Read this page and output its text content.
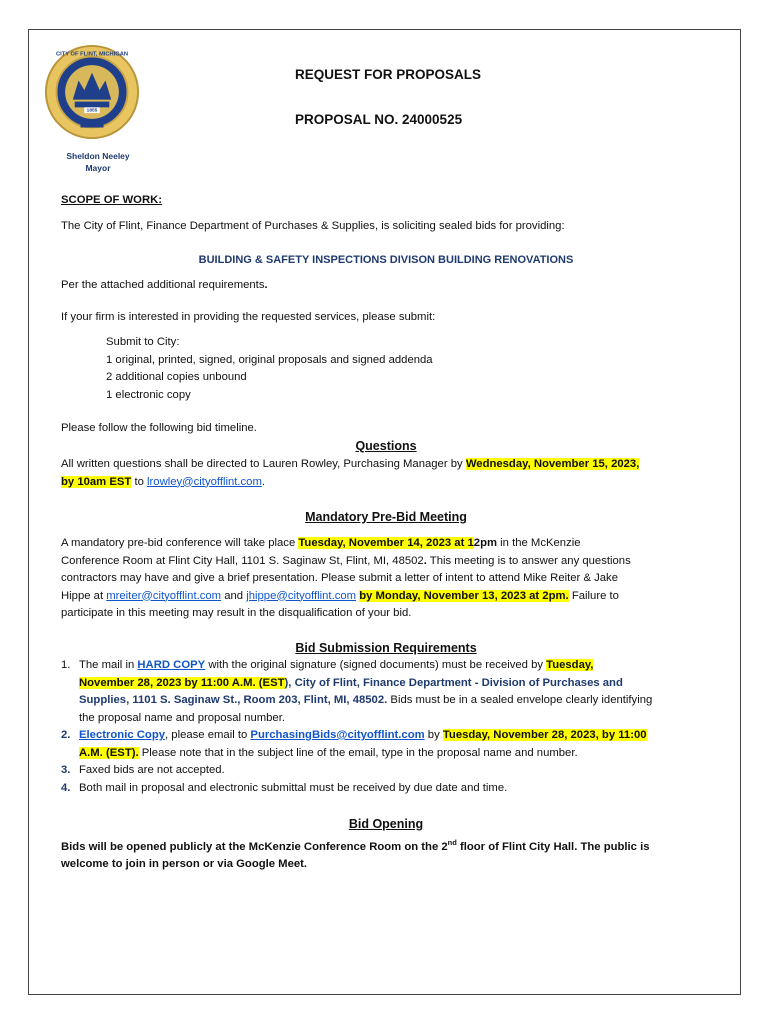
1855
CITY OF FLINT, MICHIGAN
Sheldon Neeley
Mayor
REQUEST FOR PROPOSALS
PROPOSAL NO. 24000525
SCOPE OF WORK:
The City of Flint, Finance Department of Purchases & Supplies, is soliciting sealed bids for providing:
BUILDING & SAFETY INSPECTIONS DIVISON BUILDING RENOVATIONS
Per the attached additional requirements.
If your firm is interested in providing the requested services, please submit:
Submit to City:
1 original, printed, signed, original proposals and signed addenda
2 additional copies unbound
1 electronic copy
Please follow the following bid timeline.
Questions
All written questions shall be directed to Lauren Rowley, Purchasing Manager by Wednesday, November 15, 2023,
by 10am EST to lrowley@cityofflint.com.
Mandatory Pre-Bid Meeting
A mandatory pre-bid conference will take place Tuesday, November 14, 2023 at 12pm in the McKenzie
Conference Room at Flint City Hall, 1101 S. Saginaw St, Flint, MI, 48502. This meeting is to answer any questions
contractors may have and give a brief presentation. Please submit a letter of intent to attend Mike Reiter & Jake
Hippe at mreiter@cityofflint.com and jhippe@cityofflint.com by Monday, November 13, 2023 at 2pm. Failure to
participate in this meeting may result in the disqualification of your bid.
Bid Submission Requirements
1. The mail in HARD COPY with the original signature (signed documents) must be received by Tuesday,
November 28, 2023 by 11:00 A.M. (EST), City of Flint, Finance Department - Division of Purchases and
Supplies, 1101 S. Saginaw St., Room 203, Flint, MI, 48502. Bids must be in a sealed envelope clearly identifying
the proposal name and proposal number.
2. Electronic Copy, please email to PurchasingBids@cityofflint.com by Tuesday, November 28, 2023, by 11:00
A.M. (EST). Please note that in the subject line of the email, type in the proposal name and number.
3. Faxed bids are not accepted.
4. Both mail in proposal and electronic submittal must be received by due date and time.
Bid Opening
Bids will be opened publicly at the McKenzie Conference Room on the 2nd floor of Flint City Hall. The public is
welcome to join in person or via Google Meet.
